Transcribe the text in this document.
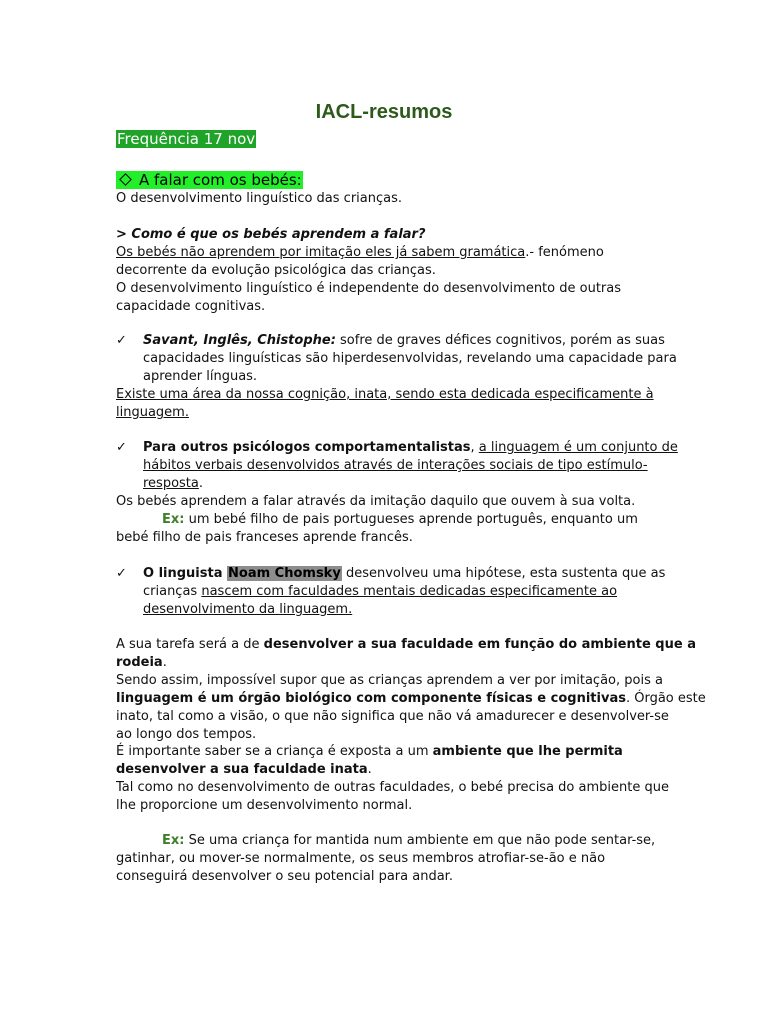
IACL-resumos

Frequência 17 nov

A falar com os bebés:

O desenvolvimento linguístico das crianças.

> Como é que os bebés aprendem a falar?

Os bebés não aprendem por imitação eles já sabem gramática.- fenómeno

decorrente da evolução psicológica das crianças.

O desenvolvimento linguístico é independente do desenvolvimento de outras

capacidade cognitivas.

✓ Savant, Inglês, Chistophe: sofre de graves défices cognitivos, porém as suas

capacidades linguísticas são hiperdesenvolvidas, revelando uma capacidade para

aprender línguas.

Existe uma área da nossa cognição, inata, sendo esta dedicada especificamente à

linguagem.

✓ Para outros psicólogos comportamentalistas, a linguagem é um conjunto de

hábitos verbais desenvolvidos através de interações sociais de tipo estímulo-

resposta.

Os bebés aprendem a falar através da imitação daquilo que ouvem à sua volta.

Ex: um bebé filho de pais portugueses aprende português, enquanto um

bebé filho de pais franceses aprende francês.

✓ O linguista Noam Chomsky desenvolveu uma hipótese, esta sustenta que as

crianças nascem com faculdades mentais dedicadas especificamente ao

desenvolvimento da linguagem.

A sua tarefa será a de desenvolver a sua faculdade em função do ambiente que a

rodeia.

Sendo assim, impossível supor que as crianças aprendem a ver por imitação, pois a

linguagem é um órgão biológico com componente físicas e cognitivas. Órgão este

inato, tal como a visão, o que não significa que não vá amadurecer e desenvolver-se

ao longo dos tempos.

É importante saber se a criança é exposta a um ambiente que lhe permita

desenvolver a sua faculdade inata.

Tal como no desenvolvimento de outras faculdades, o bebé precisa do ambiente que

lhe proporcione um desenvolvimento normal.

Ex: Se uma criança for mantida num ambiente em que não pode sentar-se,

gatinhar, ou mover-se normalmente, os seus membros atrofiar-se-ão e não

conseguirá desenvolver o seu potencial para andar.
